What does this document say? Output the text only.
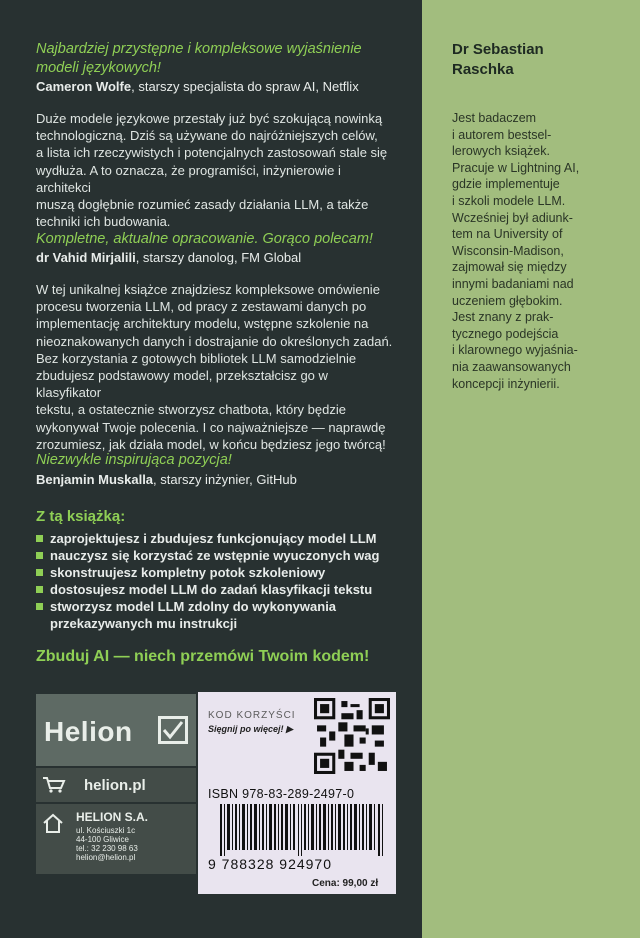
Najbardziej przystępne i kompleksowe wyjaśnienie
modeli językowych!
Cameron Wolfe, starszy specjalista do spraw AI, Netflix
Duże modele językowe przestały już być szokującą nowinką
technologiczną. Dziś są używane do najróżniejszych celów,
a lista ich rzeczywistych i potencjalnych zastosowań stale się
wydłuża. A to oznacza, że programiści, inżynierowie i architekci
muszą dogłębnie rozumieć zasady działania LLM, a także
techniki ich budowania.
Kompletne, aktualne opracowanie. Gorąco polecam!
dr Vahid Mirjalili, starszy danolog, FM Global
W tej unikalnej książce znajdziesz kompleksowe omówienie
procesu tworzenia LLM, od pracy z zestawami danych po
implementację architektury modelu, wstępne szkolenie na
nieoznakowanych danych i dostrajanie do określonych zadań.
Bez korzystania z gotowych bibliotek LLM samodzielnie
zbudujesz podstawowy model, przekształcisz go w klasyfikator
tekstu, a ostatecznie stworzysz chatbota, który będzie
wykonywał Twoje polecenia. I co najważniejsze — naprawdę
zrozumiesz, jak działa model, w końcu będziesz jego twórcą!
Niezwykle inspirująca pozycja!
Benjamin Muskalla, starszy inżynier, GitHub
Z tą książką:
zaprojektujesz i zbudujesz funkcjonujący model LLM
nauczysz się korzystać ze wstępnie wyuczonych wag
skonstruujesz kompletny potok szkoleniowy
dostosujesz model LLM do zadań klasyfikacji tekstu
stworzysz model LLM zdolny do wykonywania przekazywanych mu instrukcji
Zbuduj AI — niech przemówi Twoim kodem!
Helion
helion.pl
HELION S.A.
ul. Kościuszki 1c
44-100 Gliwice
tel.: 32 230 98 63
helion@helion.pl
KOD KORZYŚCI
Sięgnij po więcej! ▶
ISBN 978-83-289-2497-0
9 788328 924970
Cena: 99,00 zł
Dr Sebastian
Raschka
Jest badaczem
i autorem bestsel-
lerowych książek.
Pracuje w Lightning AI,
gdzie implementuje
i szkoli modele LLM.
Wcześniej był adiunk-
tem na University of
Wisconsin-Madison,
zajmował się między
innymi badaniami nad
uczeniem głębokim.
Jest znany z prak-
tycznego podejścia
i klarownego wyjaśnia-
nia zaawansowanych
koncepcji inżynierii.
